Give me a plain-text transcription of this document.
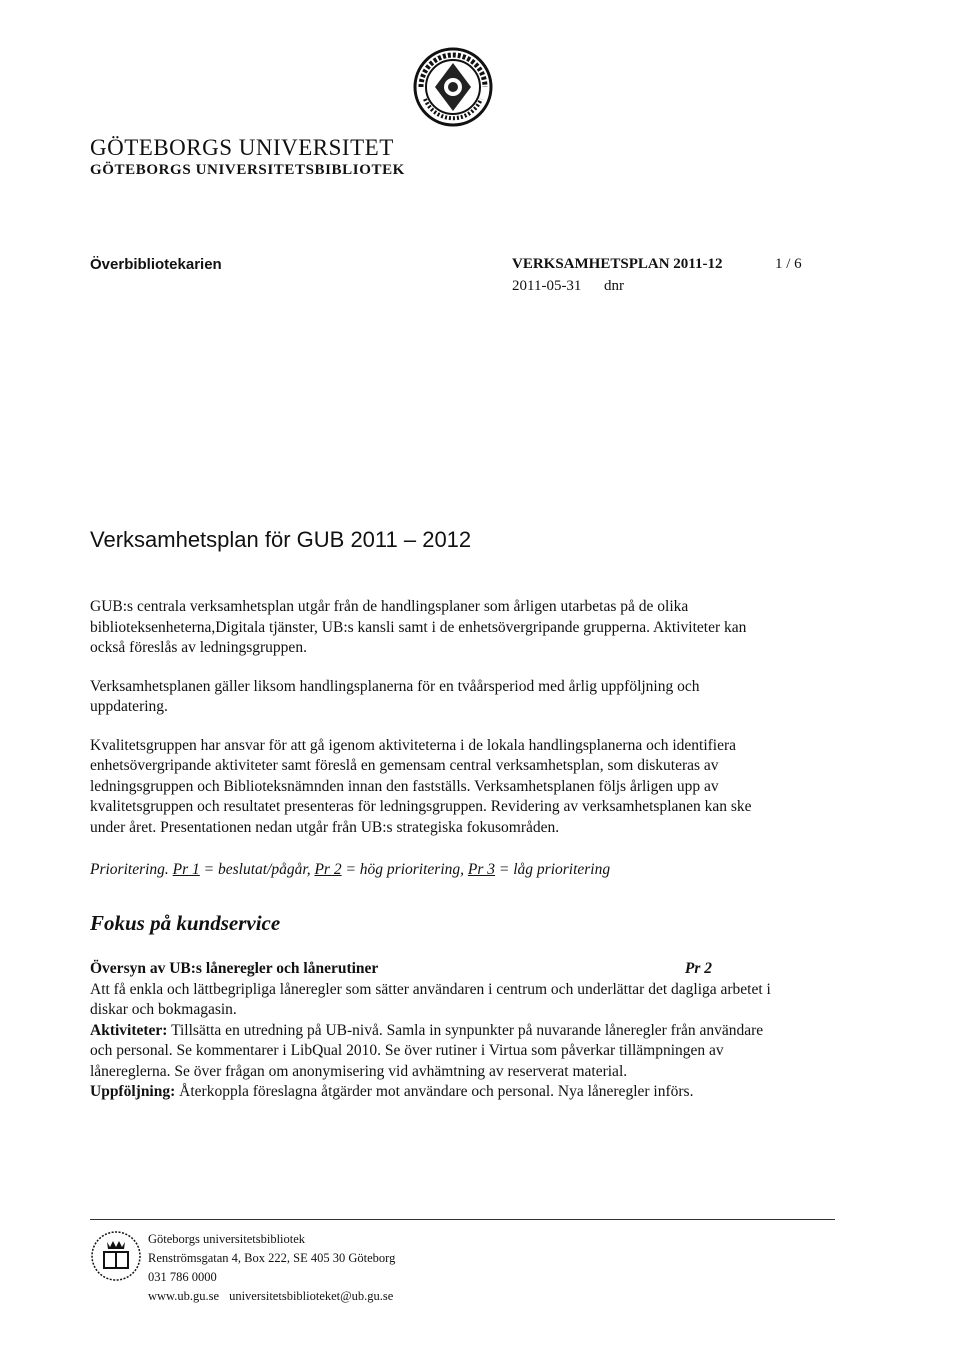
GÖTEBORGS UNIVERSITET
GÖTEBORGS UNIVERSITETSBIBLIOTEK
Överbibliotekarien	VERKSAMHETSPLAN 2011-12	1 / 6
2011-05-31 dnr
Verksamhetsplan för GUB 2011 – 2012

GUB:s centrala verksamhetsplan utgår från de handlingsplaner som årligen utarbetas på de olika biblioteksenheterna,Digitala tjänster, UB:s kansli samt i de enhetsövergripande grupperna. Aktiviteter kan också föreslås av ledningsgruppen.

Verksamhetsplanen gäller liksom handlingsplanerna för en tvåårsperiod med årlig uppföljning och uppdatering.

Kvalitetsgruppen har ansvar för att gå igenom aktiviteterna i de lokala handlingsplanerna och identifiera enhetsövergripande aktiviteter samt föreslå en gemensam central verksamhetsplan, som diskuteras av ledningsgruppen och Biblioteksnämnden innan den fastställs. Verksamhetsplanen följs årligen upp av kvalitetsgruppen och resultatet presenteras för ledningsgruppen. Revidering av verksamhetsplanen kan ske under året. Presentationen nedan utgår från UB:s strategiska fokusområden.

Prioritering. Pr 1 = beslutat/pågår, Pr 2 = hög prioritering, Pr 3 = låg prioritering

Fokus på kundservice
Översyn av UB:s låneregler och lånerutiner	Pr 2

Att få enkla och lättbegripliga låneregler som sätter användaren i centrum och underlättar det dagliga arbetet i diskar och bokmagasin.

Aktiviteter: Tillsätta en utredning på UB-nivå. Samla in synpunkter på nuvarande låneregler från användare och personal. Se kommentarer i LibQual 2010. Se över rutiner i Virtua som påverkar tillämpningen av lånereglerna. Se över frågan om anonymisering vid avhämtning av reserverat material.

Uppföljning: Återkoppla föreslagna åtgärder mot användare och personal. Nya låneregler införs.

Göteborgs universitetsbibliotek
Renströmsgatan 4, Box 222, SE 405 30 Göteborg
031 786 0000
www.ub.gu.se universitetsbiblioteket@ub.gu.se
